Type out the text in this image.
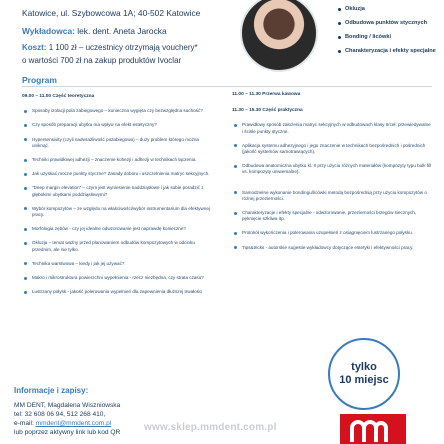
Katowice, ul. Szybowcowa 1A; 40-502 Katowice
Wykładowca: lek. dent. Aneta Jarocka
Koszt: 1 100 zł – uczestnicy otrzymają vouchery*
o wartości 700 zł na zakup produktów Ivoclar
Okluzja
Odbudowa punktów stycznych
Bonding / licówki
Charakteryzacja i efekty specjalne
Program
09.00 – 11.00 Część teoretyczna
Sposoby izolacji pola zabiegowego – konieczna wygięta czy bezwzględna suchość?
Czy sposób preparacji ubytku ma wpływ na efekt estetyczny?
Hypersensivity (czyli nadwrażliwość pozabiegowa) – duży problem którego można uniknąć.
Techniki prawidłowej adhezji – znaczenie kohezji i adhezji w technikach łączenia.
Jak uzyskać mocne punkty styczne? Zasady doboru i uszczelnienia matryc sekcyjnych.
"Deep margin elevation" – czym jest wyniesienie naddziąsłowe i jak sobie poradzić z głębokimi ubytkami poddziąsłowymi?
Wybór kompozytów – ze względu na właściwości/wybór instrumentarium dla efektywnej pracy.
Morfologia zębów - czy jej idealne odwzorowanie jest naprawdę konieczne?
Okluzja – temat ważny przed planowaniem odbudów kompozytowych w odcinku przednim, ale nie tylko.
Technika warstwowa – kiedy i jak jej używać?
Makro i mikrostruktura powierzchni wypełnienia - rzecz niezbędna, czy strata czasu?
Lustrzany połysk - jakość polerowania wypełnień dla zapewnienia dłuższej trwałości
11.00 – 11.30 Przerwa kawowa
11.30 – 15.30 Część praktyczna
Prawidłowy sposób założenia matryc sekcyjnych w odbudowach klasy II/ceł: przewiedywalne i ścisłe punkty styczne.
Aplikacja systemu adhezyjnego i jego znaczenie w technikach bezpośrednich i pośrednich (jakość systemów samotrawiących).
Odbudowa anatomiczna ubytku kl. II przy użyciu różnych materiałów (kompozyty typu bulk fill vs. kompozyty uniwersalne).
Samodzielne wykonanie bondingu/licówki metodą bezpośrednią przy użyciu kompozytów o różnej przezierności.
Charakteryzacje i efekty specjalne - odwzorowanie, przezierności brzegów siecznych, pęknięcie szkliwa itp.
Protokół wykończenia i polerowania uzupełnień z osiągnięciem lustrzanego połysku.
Tips&tricks - autorskie sugestie wykładowcy dotyczące estetyki i efektywności pracy.
tylko
10 miejsc
Informacje i zapisy:
MM DENT, Magdalena Wiszniowska
tel: 32 608 06 94, 512 268 410,
e-mail: mmdent@mmdent.com.pl
lub poprzez aktywny link lub kod QR www.sklep.mmdent.com.pl
